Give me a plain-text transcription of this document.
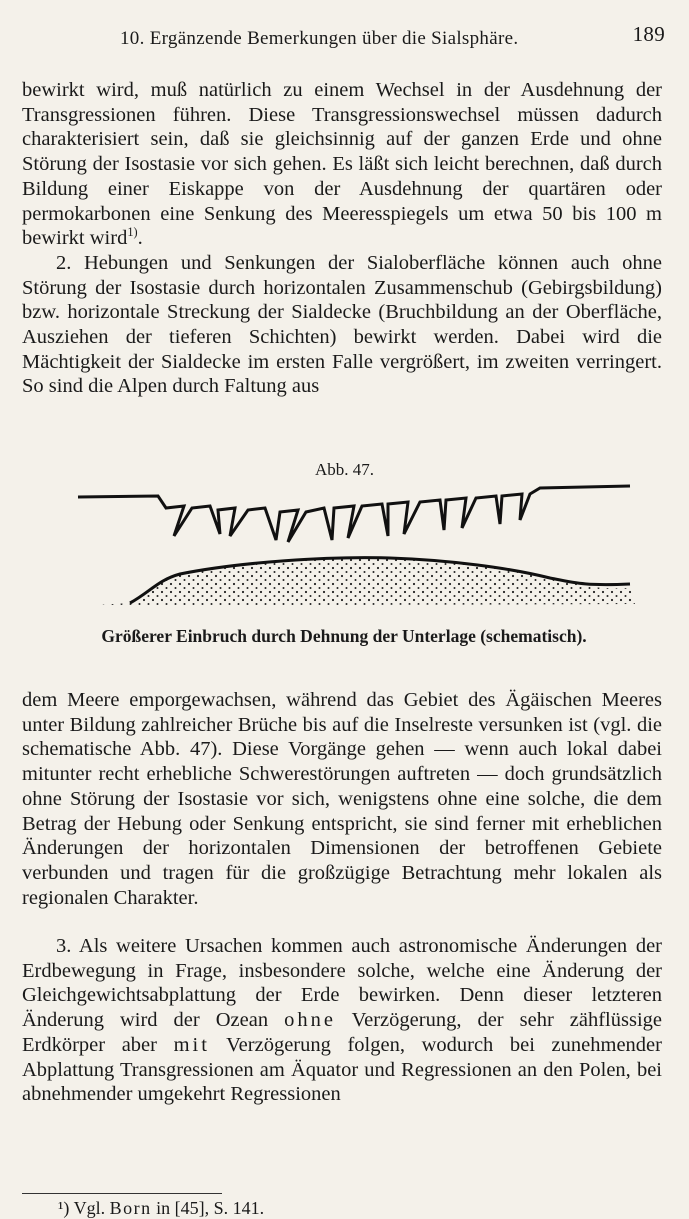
10. Ergänzende Bemerkungen über die Sialsphäre.	189

bewirkt wird, muß natürlich zu einem Wechsel in der Ausdehnung der Transgressionen führen. Diese Transgressionswechsel müssen dadurch charakterisiert sein, daß sie gleichsinnig auf der ganzen Erde und ohne Störung der Isostasie vor sich gehen. Es läßt sich leicht berechnen, daß durch Bildung einer Eiskappe von der Ausdehnung der quartären oder permokarbonen eine Senkung des Meeresspiegels um etwa 50 bis 100 m bewirkt wird$^{1)}$.

2. Hebungen und Senkungen der Sialoberfläche können auch ohne Störung der Isostasie durch horizontalen Zusammenschub (Gebirgsbildung) bzw. horizontale Streckung der Sialdecke (Bruchbildung an der Oberfläche, Ausziehen der tieferen Schichten) bewirkt werden. Dabei wird die Mächtigkeit der Sialdecke im ersten Falle vergrößert, im zweiten verringert. So sind die Alpen durch Faltung aus

Abb. 47.
Größerer Einbruch durch Dehnung der Unterlage (schematisch).

dem Meere emporgewachsen, während das Gebiet des Ägäischen Meeres unter Bildung zahlreicher Brüche bis auf die Inselreste versunken ist (vgl. die schematische Abb. 47). Diese Vorgänge gehen — wenn auch lokal dabei mitunter recht erhebliche Schwerestörungen auftreten — doch grundsätzlich ohne Störung der Isostasie vor sich, wenigstens ohne eine solche, die dem Betrag der Hebung oder Senkung entspricht, sie sind ferner mit erheblichen Änderungen der horizontalen Dimensionen der betroffenen Gebiete verbunden und tragen für die großzügige Betrachtung mehr lokalen als regionalen Charakter.

3. Als weitere Ursachen kommen auch astronomische Änderungen der Erdbewegung in Frage, insbesondere solche, welche eine Änderung der Gleichgewichtsabplattung der Erde bewirken. Denn dieser letzteren Änderung wird der Ozean ohne Verzögerung, der sehr zähflüssige Erdkörper aber mit Verzögerung folgen, wodurch bei zunehmender Abplattung Transgressionen am Äquator und Regressionen an den Polen, bei abnehmender umgekehrt Regressionen

¹) Vgl. Born in [45], S. 141.
